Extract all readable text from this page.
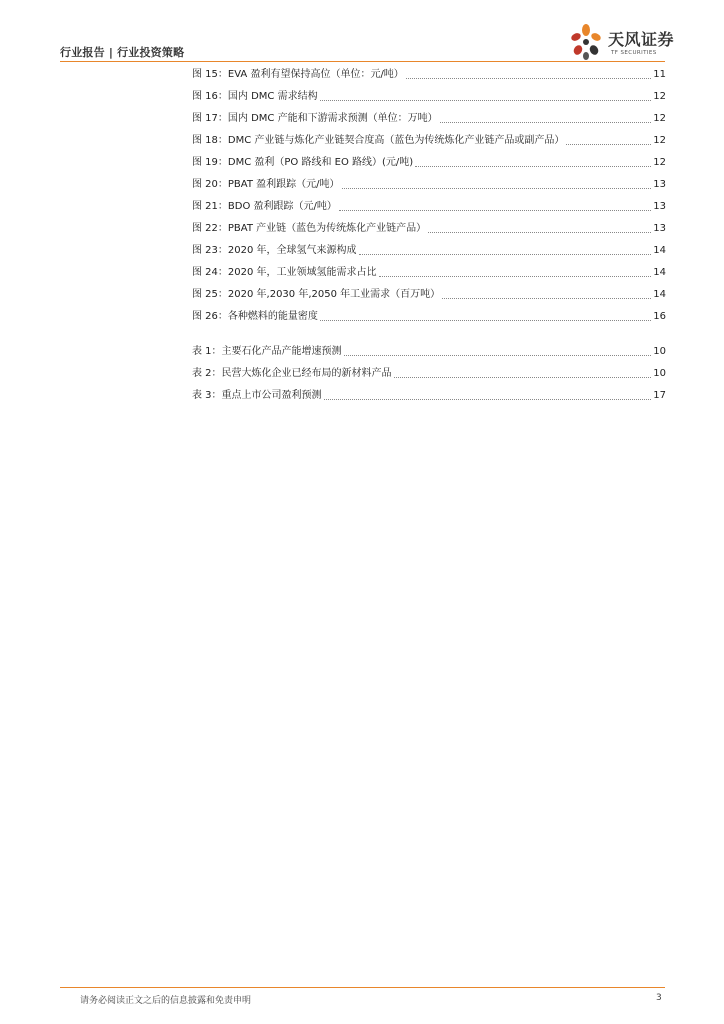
行业报告 | 行业投资策略
天风证券
TF SECURITIES
图 15：EVA 盈利有望保持高位（单位：元/吨）	11
图 16：国内 DMC 需求结构	12
图 17：国内 DMC 产能和下游需求预测（单位：万吨）	12
图 18：DMC 产业链与炼化产业链契合度高（蓝色为传统炼化产业链产品或副产品）	12
图 19：DMC 盈利（PO 路线和 EO 路线）(元/吨)	12
图 20：PBAT 盈利跟踪（元/吨）	13
图 21：BDO 盈利跟踪（元/吨）	13
图 22：PBAT 产业链（蓝色为传统炼化产业链产品）	13
图 23：2020 年，全球氢气来源构成	14
图 24：2020 年，工业领域氢能需求占比	14
图 25：2020 年,2030 年,2050 年工业需求（百万吨）	14
图 26：各种燃料的能量密度	16
表 1：主要石化产品产能增速预测	10
表 2：民营大炼化企业已经布局的新材料产品	10
表 3：重点上市公司盈利预测	17
请务必阅读正文之后的信息披露和免责申明	3
